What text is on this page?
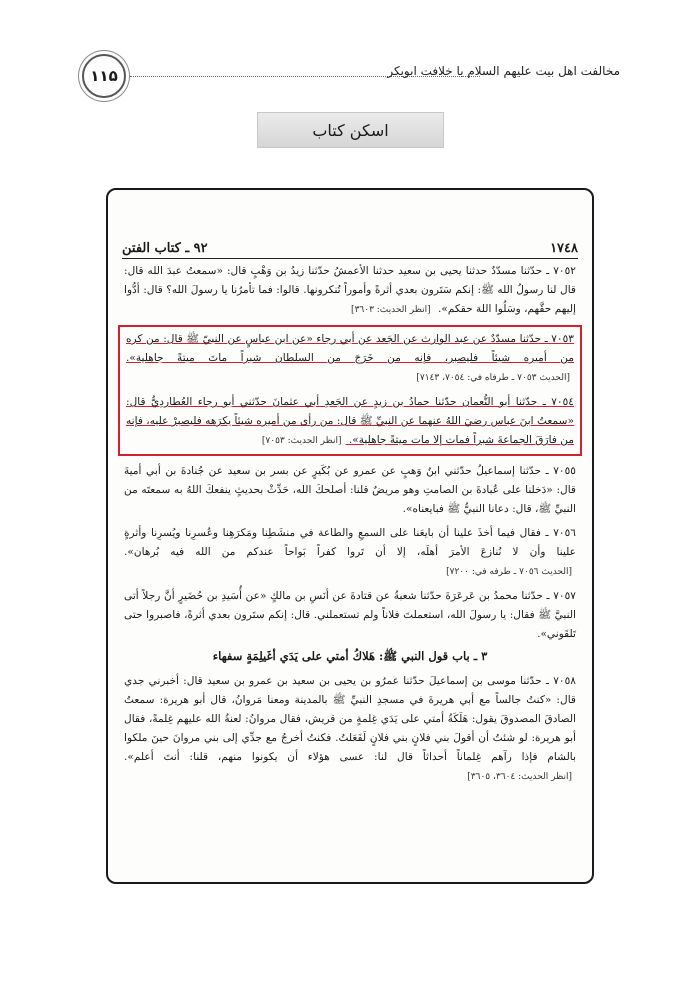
۱۱۵	مخالفت اهل بیت علیهم السلام با خلافت ابوبکر
اسکن کتاب
٩٢ ـ كتاب الفتن	١٧٤٨

٧٠٥٢ ـ حدّثنا مسدّدٌ حدثنا يحيى بن سعيد حدثنا الأعمشُ حدّثنا زيدُ بن وَهْبٍ قال: «سمعتُ عبدَ الله قال: قال لنا رسولُ الله ﷺ: إنكم سَتَرون بعدي أثرةً وأموراً تُنكرونها. قالوا: فما تأمرُنا يا رسولَ الله؟ قال: أدُّوا إليهم حقَّهم، وسَلُوا اللهَ حقكم». [انظر الحديث: ٣٦٠٣]

٧٠٥٣ ـ حدّثنا مسدّدٌ عن عبد الوارث عن الجَعد عن أبي رجاء «عن ابن عباسٍ عن النبيّ ﷺ قال: من كره من أميره شيئاً فليصبر، فإنه من خَرَجَ من السلطان شبراً ماتَ ميتةً جاهلية». [الحديث ٧٠٥٣ ـ طرفاه في: ٧٠٥٤، ٧١٤٣]

٧٠٥٤ ـ حدّثنا أبو النُّعمان حدّثنا حمادُ بن زيدٍ عن الجَعدِ أبي عثمانَ حدّثني أبو رجاء العُطاردِيُّ قال: «سمعتُ ابنَ عباس رضيَ اللهُ عنهما عن النبيِّ ﷺ قال: من رأى من أميره شيئاً يكرَهه فليصبرْ عليه، فإنه من فارَقَ الجماعةَ شبراً فمات إلا مات ميتةً جاهلية». [انظر الحديث: ٧٠٥٣]

٧٠٥٥ ـ حدّثنا إسماعيلُ حدّثني ابنُ وَهبٍ عن عمرو عن بُكَيرٍ عن بسر بن سعيد عن جُنادةَ بن أبي أميةَ قال: «دَخلنا على عُبادةَ بن الصامتِ وهو مريضٌ قلنا: أصلحكَ الله، حَدِّثْ بحديثٍ ينفعكَ اللهُ به سمعتَه من النبيِّ ﷺ، قال: دعانا النبيُّ ﷺ فبايعناه».

٧٠٥٦ ـ فقال فيما أخذَ علينا أن بايعَنا على السمعِ والطاعة في منشَطِنا ومَكرَهِنا وعُسرِنا ويُسرِنا وأثرةٍ علينا وأن لا نُنازعَ الأمرَ أهلَه، إلا أن تَروا كفراً بَواحاً عندكم من الله فيه بُرهان». [الحديث ٧٠٥٦ ـ طرفه في: ٧٢٠٠]

٧٠٥٧ ـ حدّثنا محمدُ بن عَرعَرَةَ حدّثنا شعبةُ عن قتادةَ عن أنَسِ بن مالكٍ «عن أُسَيدِ بن حُضَيرٍ أنَّ رجلاً أتى النبيَّ ﷺ فقال: يا رسولَ الله، استعملتَ فلاناً ولم تستعملني. قال: إنكم ستَرون بعدي أثرةً، فاصبروا حتى تَلقَوني».

٣ ـ باب قول النبي ﷺ: هَلاكُ أمتي على يَدَي أغَيلِمَةٍ سفهاء

٧٠٥٨ ـ حدّثنا موسى بن إسماعيلَ حدّثنا عمرُو بن يحيى بن سعيد بن عمرو بن سعيد قال: أخبرني جدي قال: «كنتُ جالساً مع أبي هريرةَ في مسجدِ النبيِّ ﷺ بالمدينة ومعنا مَروانُ، قال أبو هريرة: سمعتُ الصادقَ المصدوقَ يقول: هَلَكَةُ أمتي على يَدَي غِلمةٍ من قريش، فقال مروانُ: لعنةُ الله عليهم غِلمةً، فقال أبو هريرة: لو شئتُ أن أقولَ بني فلانٍ بني فلانٍ لَفَعَلتُ. فكنتُ أخرجُ مع جدِّي إلى بني مروانَ حينَ ملكوا بالشام فإذا رآهم غِلماناً أحداثاً قال لنا: عسى هؤلاء أن يكونوا منهم، قلنا: أنتَ أعلم». [انظر الحديث: ٣٦٠٤، ٣٦٠٥]
